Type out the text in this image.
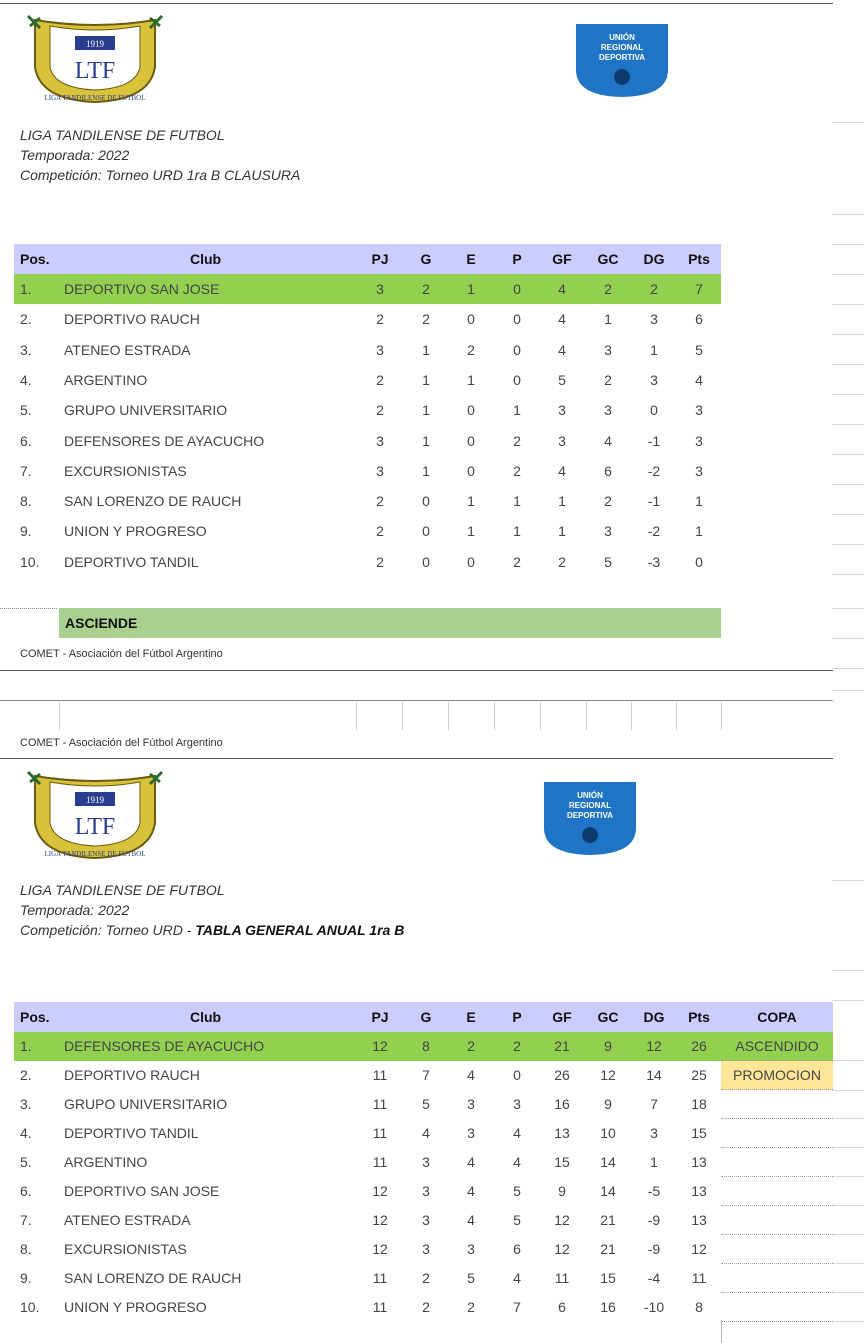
1919
LTF
LIGA TANDILENSE DE FUTBOL
UNIÓN
REGIONAL
DEPORTIVA
LIGA TANDILENSE DE FUTBOL
Temporada: 2022
Competición: Torneo URD 1ra B CLAUSURA
Pos.	Club	PJ	G	E	P	GF	GC	DG	Pts
1. DEPORTIVO SAN JOSE	3	2	1	0	4	2	2	7
2. DEPORTIVO RAUCH	2	2	0	0	4	1	3	6
3. ATENEO ESTRADA	3	1	2	0	4	3	1	5
4. ARGENTINO	2	1	1	0	5	2	3	4
5. GRUPO UNIVERSITARIO	2	1	0	1	3	3	0	3
6. DEFENSORES DE AYACUCHO	3	1	0	2	3	4	-1	3
7. EXCURSIONISTAS	3	1	0	2	4	6	-2	3
8. SAN LORENZO DE RAUCH	2	0	1	1	1	2	-1	1
9. UNION Y PROGRESO	2	0	1	1	1	3	-2	1
10. DEPORTIVO TANDIL	2	0	0	2	2	5	-3	0
ASCIENDE
COMET - Asociación del Fútbol Argentino
COMET - Asociación del Fútbol Argentino
1919
LTF
LIGA TANDILENSE DE FUTBOL
UNIÓN
REGIONAL
DEPORTIVA
LIGA TANDILENSE DE FUTBOL
Temporada: 2022
Competición: Torneo URD - TABLA GENERAL ANUAL 1ra B
Pos.	Club	PJ	G	E	P	GF	GC	DG	Pts	COPA
1. DEFENSORES DE AYACUCHO	12	8	2	2	21	9	12	26	ASCENDIDO
2. DEPORTIVO RAUCH	11	7	4	0	26	12	14	25	PROMOCION
3. GRUPO UNIVERSITARIO	11	5	3	3	16	9	7	18
4. DEPORTIVO TANDIL	11	4	3	4	13	10	3	15
5. ARGENTINO	11	3	4	4	15	14	1	13
6. DEPORTIVO SAN JOSE	12	3	4	5	9	14	-5	13
7. ATENEO ESTRADA	12	3	4	5	12	21	-9	13
8. EXCURSIONISTAS	12	3	3	6	12	21	-9	12
9. SAN LORENZO DE RAUCH	11	2	5	4	11	15	-4	11
10. UNION Y PROGRESO	11	2	2	7	6	16	-10	8
